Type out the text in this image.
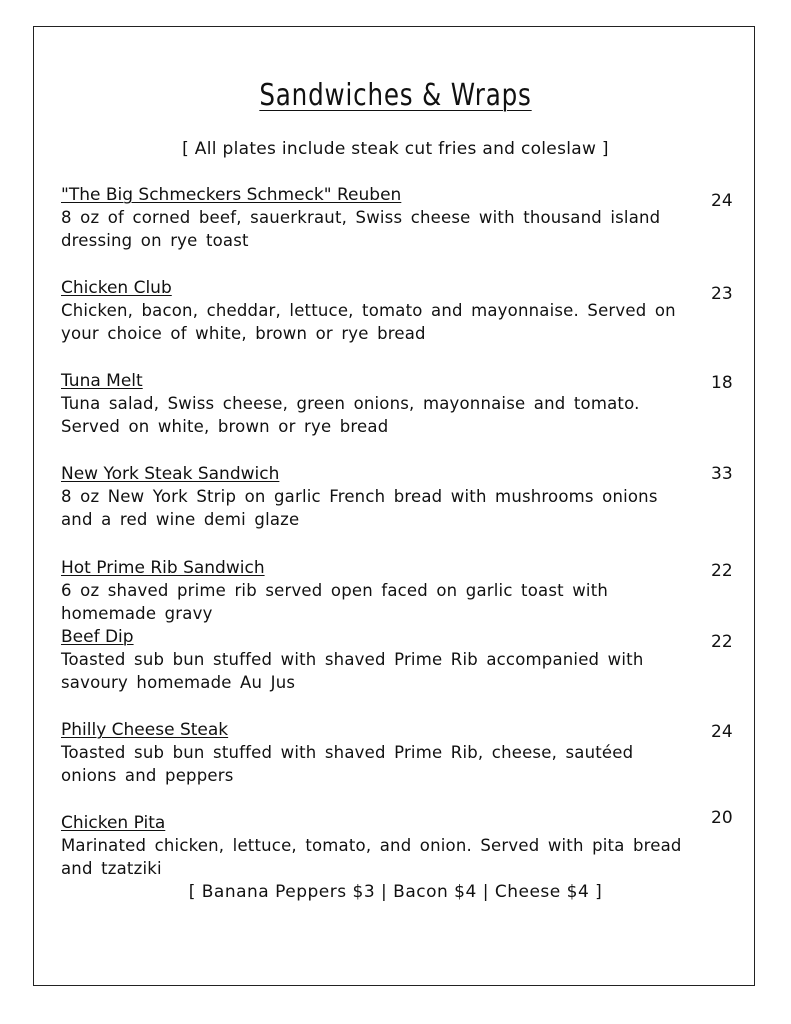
Sandwiches & Wraps
[ All plates include steak cut fries and coleslaw ]
"The Big Schmeckers Schmeck" Reuben
8 oz of corned beef, sauerkraut, Swiss cheese with thousand island dressing on rye toast
24
Chicken Club
Chicken, bacon, cheddar, lettuce, tomato and mayonnaise. Served on your choice of white, brown or rye bread
23
Tuna Melt
Tuna salad, Swiss cheese, green onions, mayonnaise and tomato. Served on white, brown or rye bread
18
New York Steak Sandwich
8 oz New York Strip on garlic French bread with mushrooms onions and a red wine demi glaze
33
Hot Prime Rib Sandwich
6 oz shaved prime rib served open faced on garlic toast with homemade gravy
22
Beef Dip
Toasted sub bun stuffed with shaved Prime Rib accompanied with savoury homemade Au Jus
22
Philly Cheese Steak
Toasted sub bun stuffed with shaved Prime Rib, cheese, sautéed onions and peppers
24
Chicken Pita
Marinated chicken, lettuce, tomato, and onion. Served with pita bread and tzatziki
20
[ Banana Peppers $3 | Bacon $4 | Cheese $4 ]
